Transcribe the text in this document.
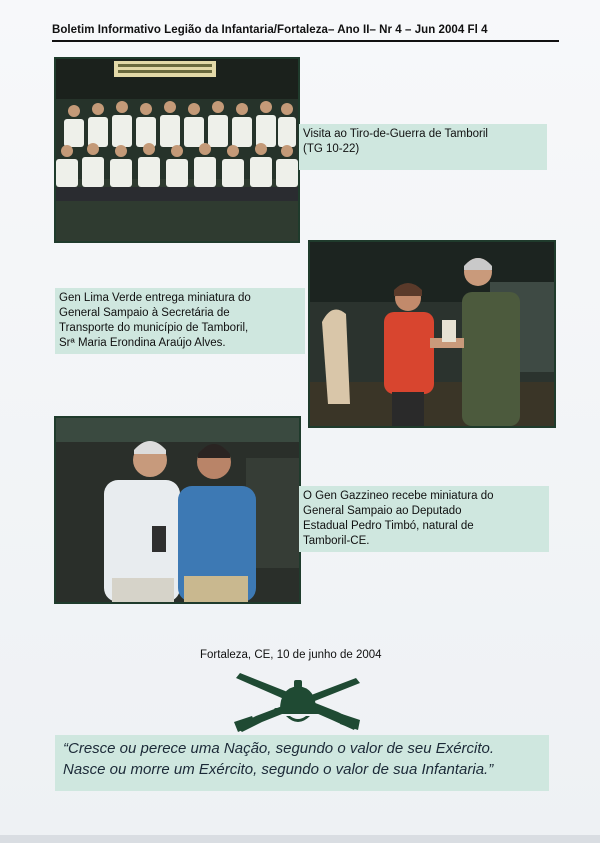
Boletim Informativo Legião da Infantaria/Fortaleza– Ano II– Nr 4 – Jun 2004 Fl 4
Visita ao Tiro-de-Guerra de Tamboril
(TG 10-22)
Gen Lima Verde entrega miniatura do
General Sampaio à Secretária de
Transporte do município de Tamboril,
Srª Maria Erondina Araújo Alves.
O Gen Gazzineo recebe miniatura do
General Sampaio ao Deputado
Estadual Pedro Timbó, natural de
Tamboril-CE.
Fortaleza, CE, 10 de junho de 2004
“Cresce ou perece uma Nação, segundo o valor de seu Exército.
Nasce ou morre um Exército, segundo o valor de sua Infantaria.”
